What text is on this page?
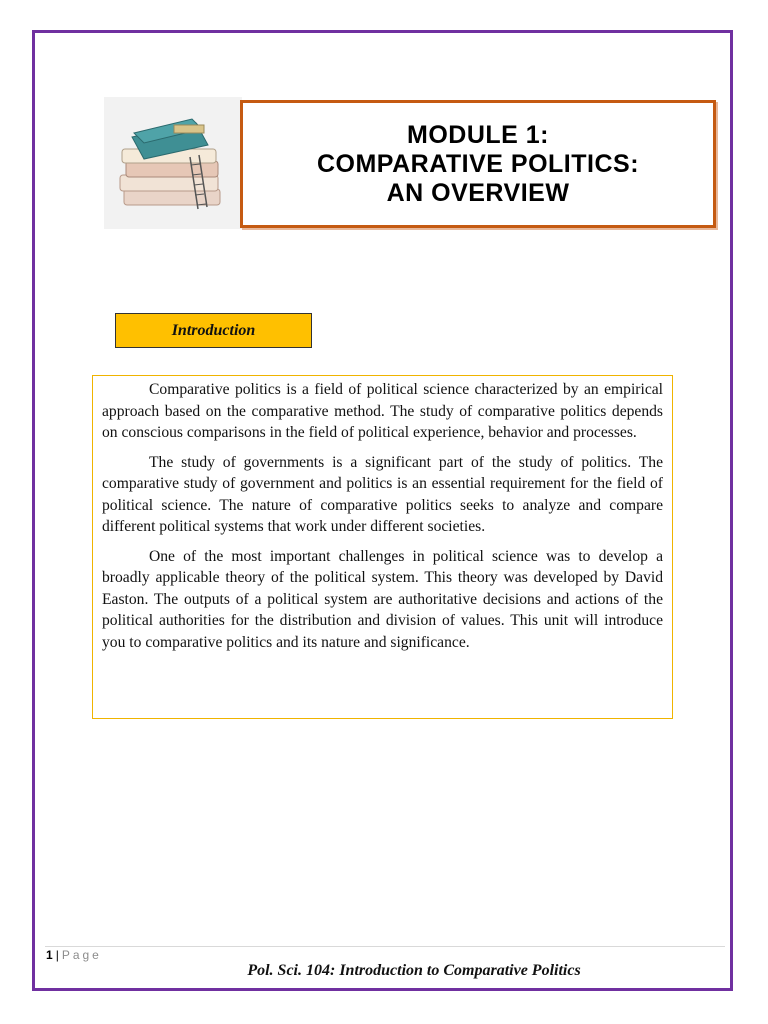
MODULE 1:
COMPARATIVE POLITICS:
AN OVERVIEW
Introduction

Comparative politics is a field of political science characterized by an empirical approach based on the comparative method. The study of comparative politics depends on conscious comparisons in the field of political experience, behavior and processes.

The study of governments is a significant part of the study of politics. The comparative study of government and politics is an essential requirement for the field of political science. The nature of comparative politics seeks to analyze and compare different political systems that work under different societies.

One of the most important challenges in political science was to develop a broadly applicable theory of the political system. This theory was developed by David Easton. The outputs of a political system are authoritative decisions and actions of the political authorities for the distribution and division of values. This unit will introduce you to comparative politics and its nature and significance.

1 | Page
Pol. Sci. 104: Introduction to Comparative Politics
